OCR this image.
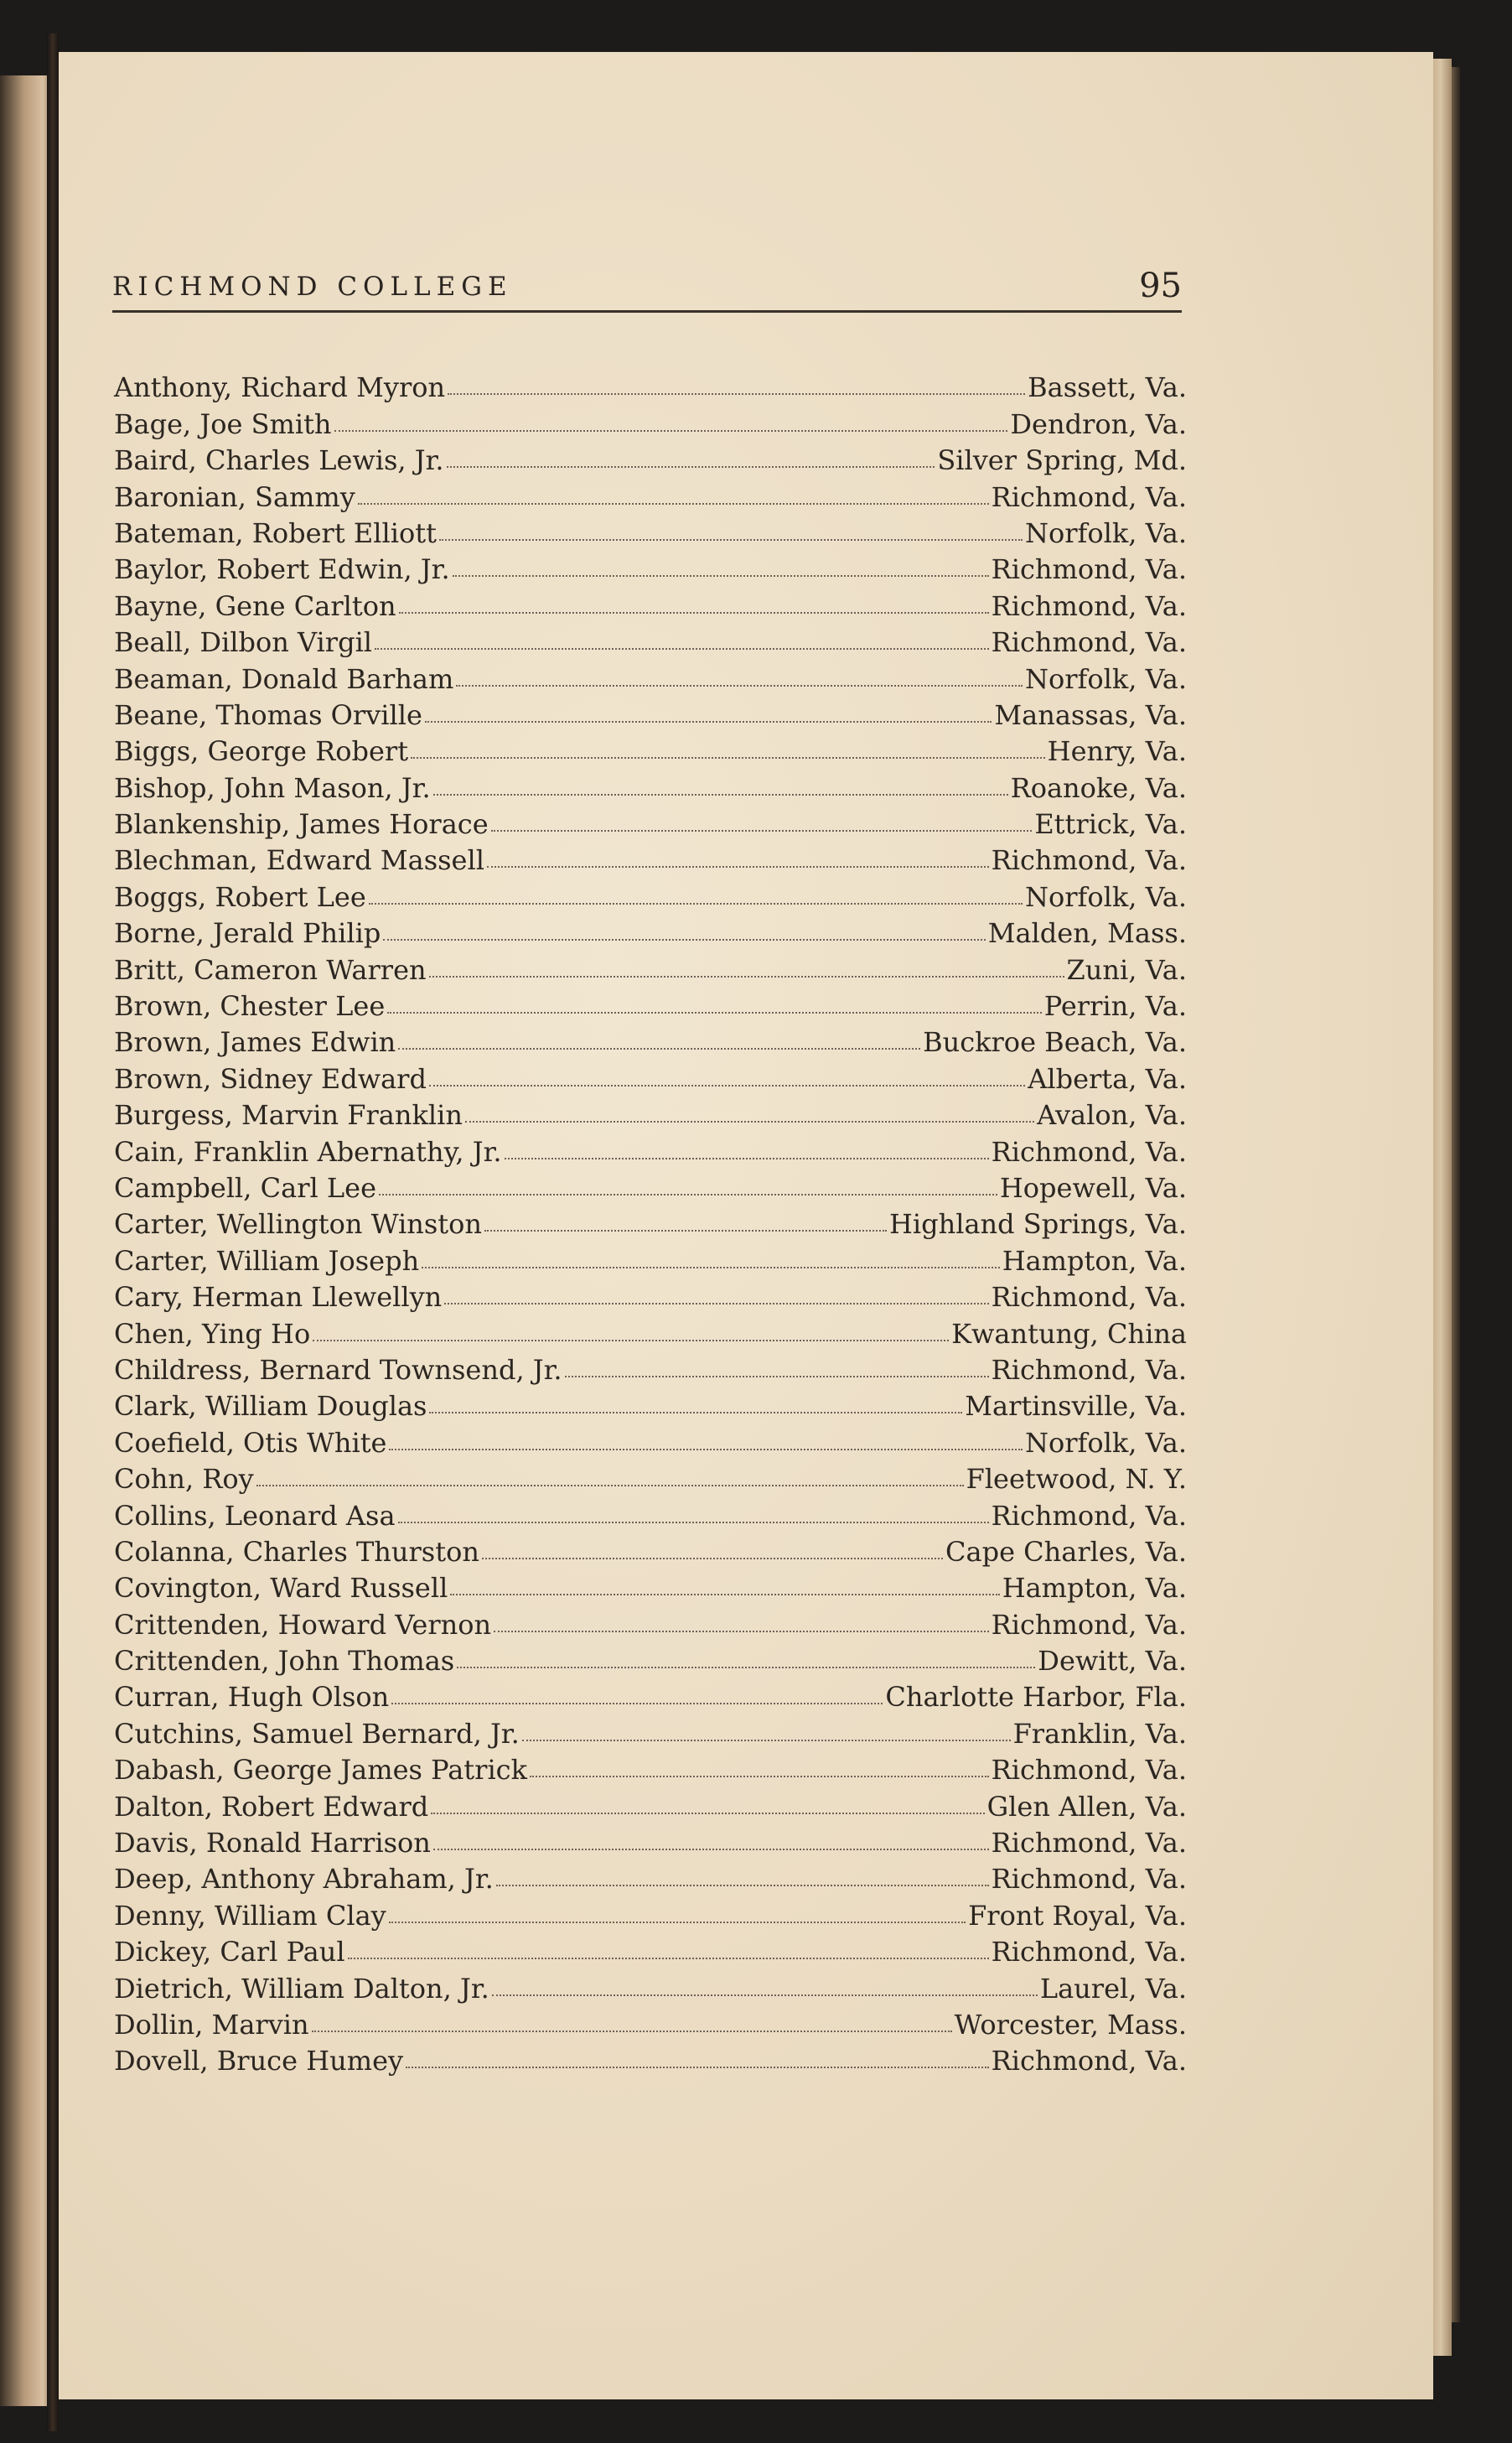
RICHMOND COLLEGE	95
Anthony, Richard Myron	Bassett, Va.
Bage, Joe Smith	Dendron, Va.
Baird, Charles Lewis, Jr.	Silver Spring, Md.
Baronian, Sammy	Richmond, Va.
Bateman, Robert Elliott	Norfolk, Va.
Baylor, Robert Edwin, Jr.	Richmond, Va.
Bayne, Gene Carlton	Richmond, Va.
Beall, Dilbon Virgil	Richmond, Va.
Beaman, Donald Barham	Norfolk, Va.
Beane, Thomas Orville	Manassas, Va.
Biggs, George Robert	Henry, Va.
Bishop, John Mason, Jr.	Roanoke, Va.
Blankenship, James Horace	Ettrick, Va.
Blechman, Edward Massell	Richmond, Va.
Boggs, Robert Lee	Norfolk, Va.
Borne, Jerald Philip	Malden, Mass.
Britt, Cameron Warren	Zuni, Va.
Brown, Chester Lee	Perrin, Va.
Brown, James Edwin	Buckroe Beach, Va.
Brown, Sidney Edward	Alberta, Va.
Burgess, Marvin Franklin	Avalon, Va.
Cain, Franklin Abernathy, Jr.	Richmond, Va.
Campbell, Carl Lee	Hopewell, Va.
Carter, Wellington Winston	Highland Springs, Va.
Carter, William Joseph	Hampton, Va.
Cary, Herman Llewellyn	Richmond, Va.
Chen, Ying Ho	Kwantung, China
Childress, Bernard Townsend, Jr.	Richmond, Va.
Clark, William Douglas	Martinsville, Va.
Coefield, Otis White	Norfolk, Va.
Cohn, Roy	Fleetwood, N. Y.
Collins, Leonard Asa	Richmond, Va.
Colanna, Charles Thurston	Cape Charles, Va.
Covington, Ward Russell	Hampton, Va.
Crittenden, Howard Vernon	Richmond, Va.
Crittenden, John Thomas	Dewitt, Va.
Curran, Hugh Olson	Charlotte Harbor, Fla.
Cutchins, Samuel Bernard, Jr.	Franklin, Va.
Dabash, George James Patrick	Richmond, Va.
Dalton, Robert Edward	Glen Allen, Va.
Davis, Ronald Harrison	Richmond, Va.
Deep, Anthony Abraham, Jr.	Richmond, Va.
Denny, William Clay	Front Royal, Va.
Dickey, Carl Paul	Richmond, Va.
Dietrich, William Dalton, Jr.	Laurel, Va.
Dollin, Marvin	Worcester, Mass.
Dovell, Bruce Humey	Richmond, Va.
